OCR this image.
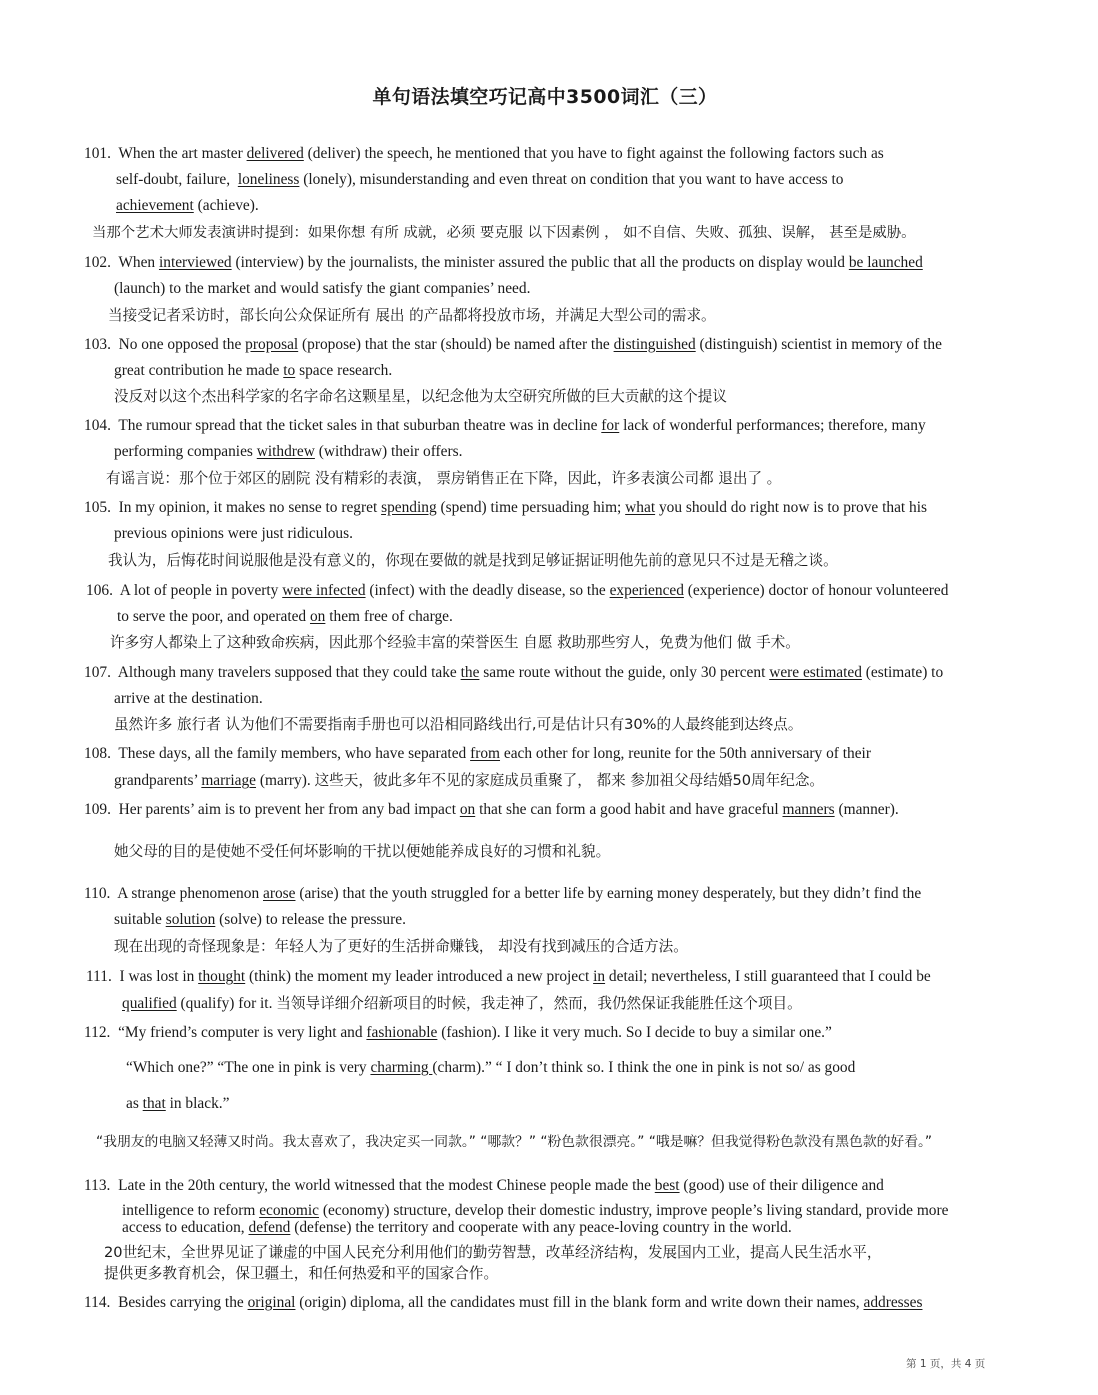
单句语法填空巧记高中3500词汇（三）
101. When the art master delivered (deliver) the speech, he mentioned that you have to fight against the following factors such as
self-doubt, failure,  loneliness (lonely), misunderstanding and even threat on condition that you want to have access to
achievement (achieve).
当那个艺术大师发表演讲时提到：如果你想 有所 成就，必须 要克服 以下因素例 ， 如不自信、失败、孤独、误解， 甚至是威胁。
102. When interviewed (interview) by the journalists, the minister assured the public that all the products on display would be launched
(launch) to the market and would satisfy the giant companies’ need.
当接受记者采访时，部长向公众保证所有 展出 的产品都将投放市场，并满足大型公司的需求。
103. No one opposed the proposal (propose) that the star (should) be named after the distinguished (distinguish) scientist in memory of the
great contribution he made to space research.
没反对以这个杰出科学家的名字命名这颗星星，以纪念他为太空研究所做的巨大贡献的这个提议
104. The rumour spread that the ticket sales in that suburban theatre was in decline for lack of wonderful performances; therefore, many
performing companies withdrew (withdraw) their offers.
有谣言说：那个位于郊区的剧院 没有精彩的表演， 票房销售正在下降，因此，许多表演公司都 退出了 。
105. In my opinion, it makes no sense to regret spending (spend) time persuading him; what you should do right now is to prove that his
previous opinions were just ridiculous.
我认为，后悔花时间说服他是没有意义的，你现在要做的就是找到足够证据证明他先前的意见只不过是无稽之谈。
106. A lot of people in poverty were infected (infect) with the deadly disease, so the experienced (experience) doctor of honour volunteered
to serve the poor, and operated on them free of charge.
许多穷人都染上了这种致命疾病，因此那个经验丰富的荣誉医生 自愿 救助那些穷人，免费为他们 做 手术。
107. Although many travelers supposed that they could take the same route without the guide, only 30 percent were estimated (estimate) to
arrive at the destination.
虽然许多 旅行者 认为他们不需要指南手册也可以沿相同路线出行,可是估计只有30%的人最终能到达终点。
108. These days, all the family members, who have separated from each other for long, reunite for the 50th anniversary of their
grandparents’ marriage (marry). 这些天，彼此多年不见的家庭成员重聚了， 都来 参加祖父母结婚50周年纪念。
109. Her parents’ aim is to prevent her from any bad impact on that she can form a good habit and have graceful manners (manner).
她父母的目的是使她不受任何坏影响的干扰以便她能养成良好的习惯和礼貌。
110. A strange phenomenon arose (arise) that the youth struggled for a better life by earning money desperately, but they didn’t find the
suitable solution (solve) to release the pressure.
现在出现的奇怪现象是：年轻人为了更好的生活拼命赚钱， 却没有找到减压的合适方法。
111. I was lost in thought (think) the moment my leader introduced a new project in detail; nevertheless, I still guaranteed that I could be
qualified (qualify) for it. 当领导详细介绍新项目的时候，我走神了，然而，我仍然保证我能胜任这个项目。
112. “My friend’s computer is very light and fashionable (fashion). I like it very much. So I decide to buy a similar one.”
“Which one?” “The one in pink is very charming (charm).” “ I don’t think so. I think the one in pink is not so/ as good
as that in black.”
“我朋友的电脑又轻薄又时尚。我太喜欢了，我决定买一同款。” “哪款？” “粉色款很漂亮。” “哦是嘛？但我觉得粉色款没有黑色款的好看。”
113. Late in the 20th century, the world witnessed that the modest Chinese people made the best (good) use of their diligence and
intelligence to reform economic (economy) structure, develop their domestic industry, improve people’s living standard, provide more
access to education, defend (defense) the territory and cooperate with any peace-loving country in the world.
20世纪末，全世界见证了谦虚的中国人民充分利用他们的勤劳智慧，改革经济结构，发展国内工业，提高人民生活水平，
提供更多教育机会，保卫疆土，和任何热爱和平的国家合作。
114. Besides carrying the original (origin) diploma, all the candidates must fill in the blank form and write down their names, addresses
第 1 页，共 4 页
